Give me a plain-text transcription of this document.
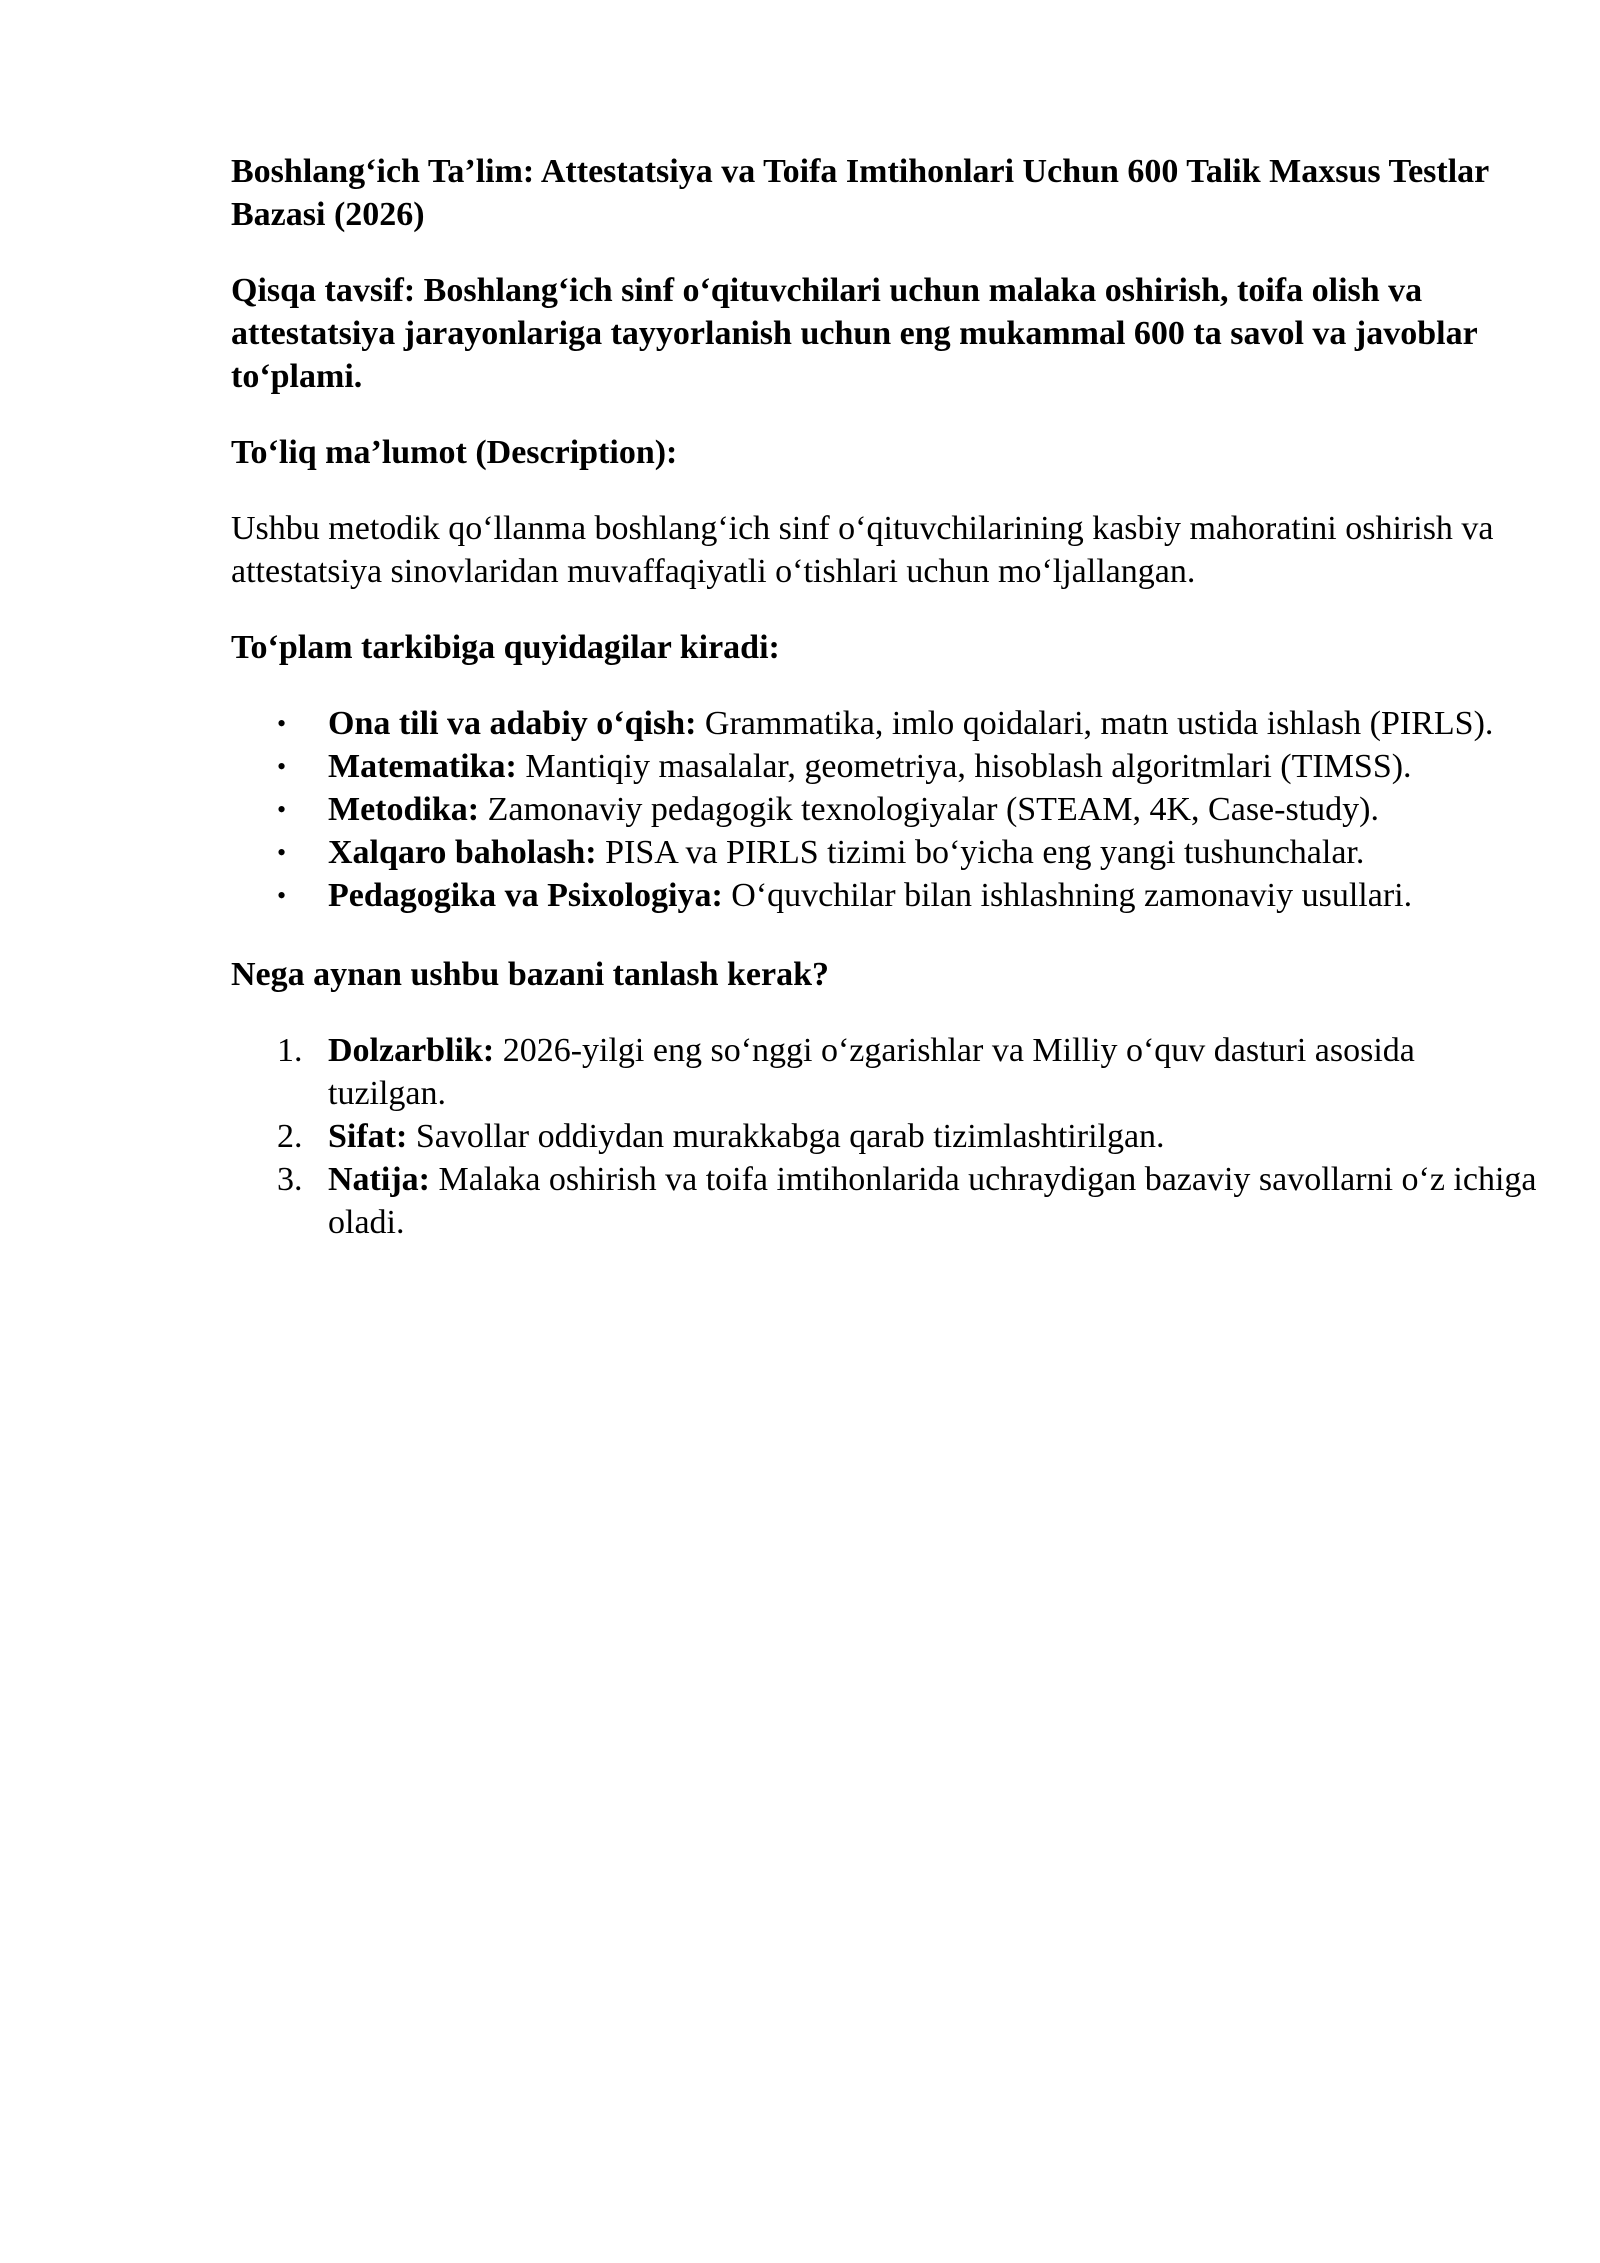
Boshlang‘ich Ta’lim: Attestatsiya va Toifa Imtihonlari Uchun 600 Talik Maxsus Testlar Bazasi (2026)

Qisqa tavsif: Boshlang‘ich sinf o‘qituvchilari uchun malaka oshirish, toifa olish va attestatsiya jarayonlariga tayyorlanish uchun eng mukammal 600 ta savol va javoblar to‘plami.

To‘liq ma’lumot (Description):

Ushbu metodik qo‘llanma boshlang‘ich sinf o‘qituvchilarining kasbiy mahoratini oshirish va attestatsiya sinovlaridan muvaffaqiyatli o‘tishlari uchun mo‘ljallangan.

To‘plam tarkibiga quyidagilar kiradi:

• Ona tili va adabiy o‘qish: Grammatika, imlo qoidalari, matn ustida ishlash (PIRLS).
• Matematika: Mantiqiy masalalar, geometriya, hisoblash algoritmlari (TIMSS).
• Metodika: Zamonaviy pedagogik texnologiyalar (STEAM, 4K, Case-study).
• Xalqaro baholash: PISA va PIRLS tizimi bo‘yicha eng yangi tushunchalar.
• Pedagogika va Psixologiya: O‘quvchilar bilan ishlashning zamonaviy usullari.

Nega aynan ushbu bazani tanlash kerak?

1. Dolzarblik: 2026-yilgi eng so‘nggi o‘zgarishlar va Milliy o‘quv dasturi asosida tuzilgan.
2. Sifat: Savollar oddiydan murakkabga qarab tizimlashtirilgan.
3. Natija: Malaka oshirish va toifa imtihonlarida uchraydigan bazaviy savollarni o‘z ichiga oladi.
